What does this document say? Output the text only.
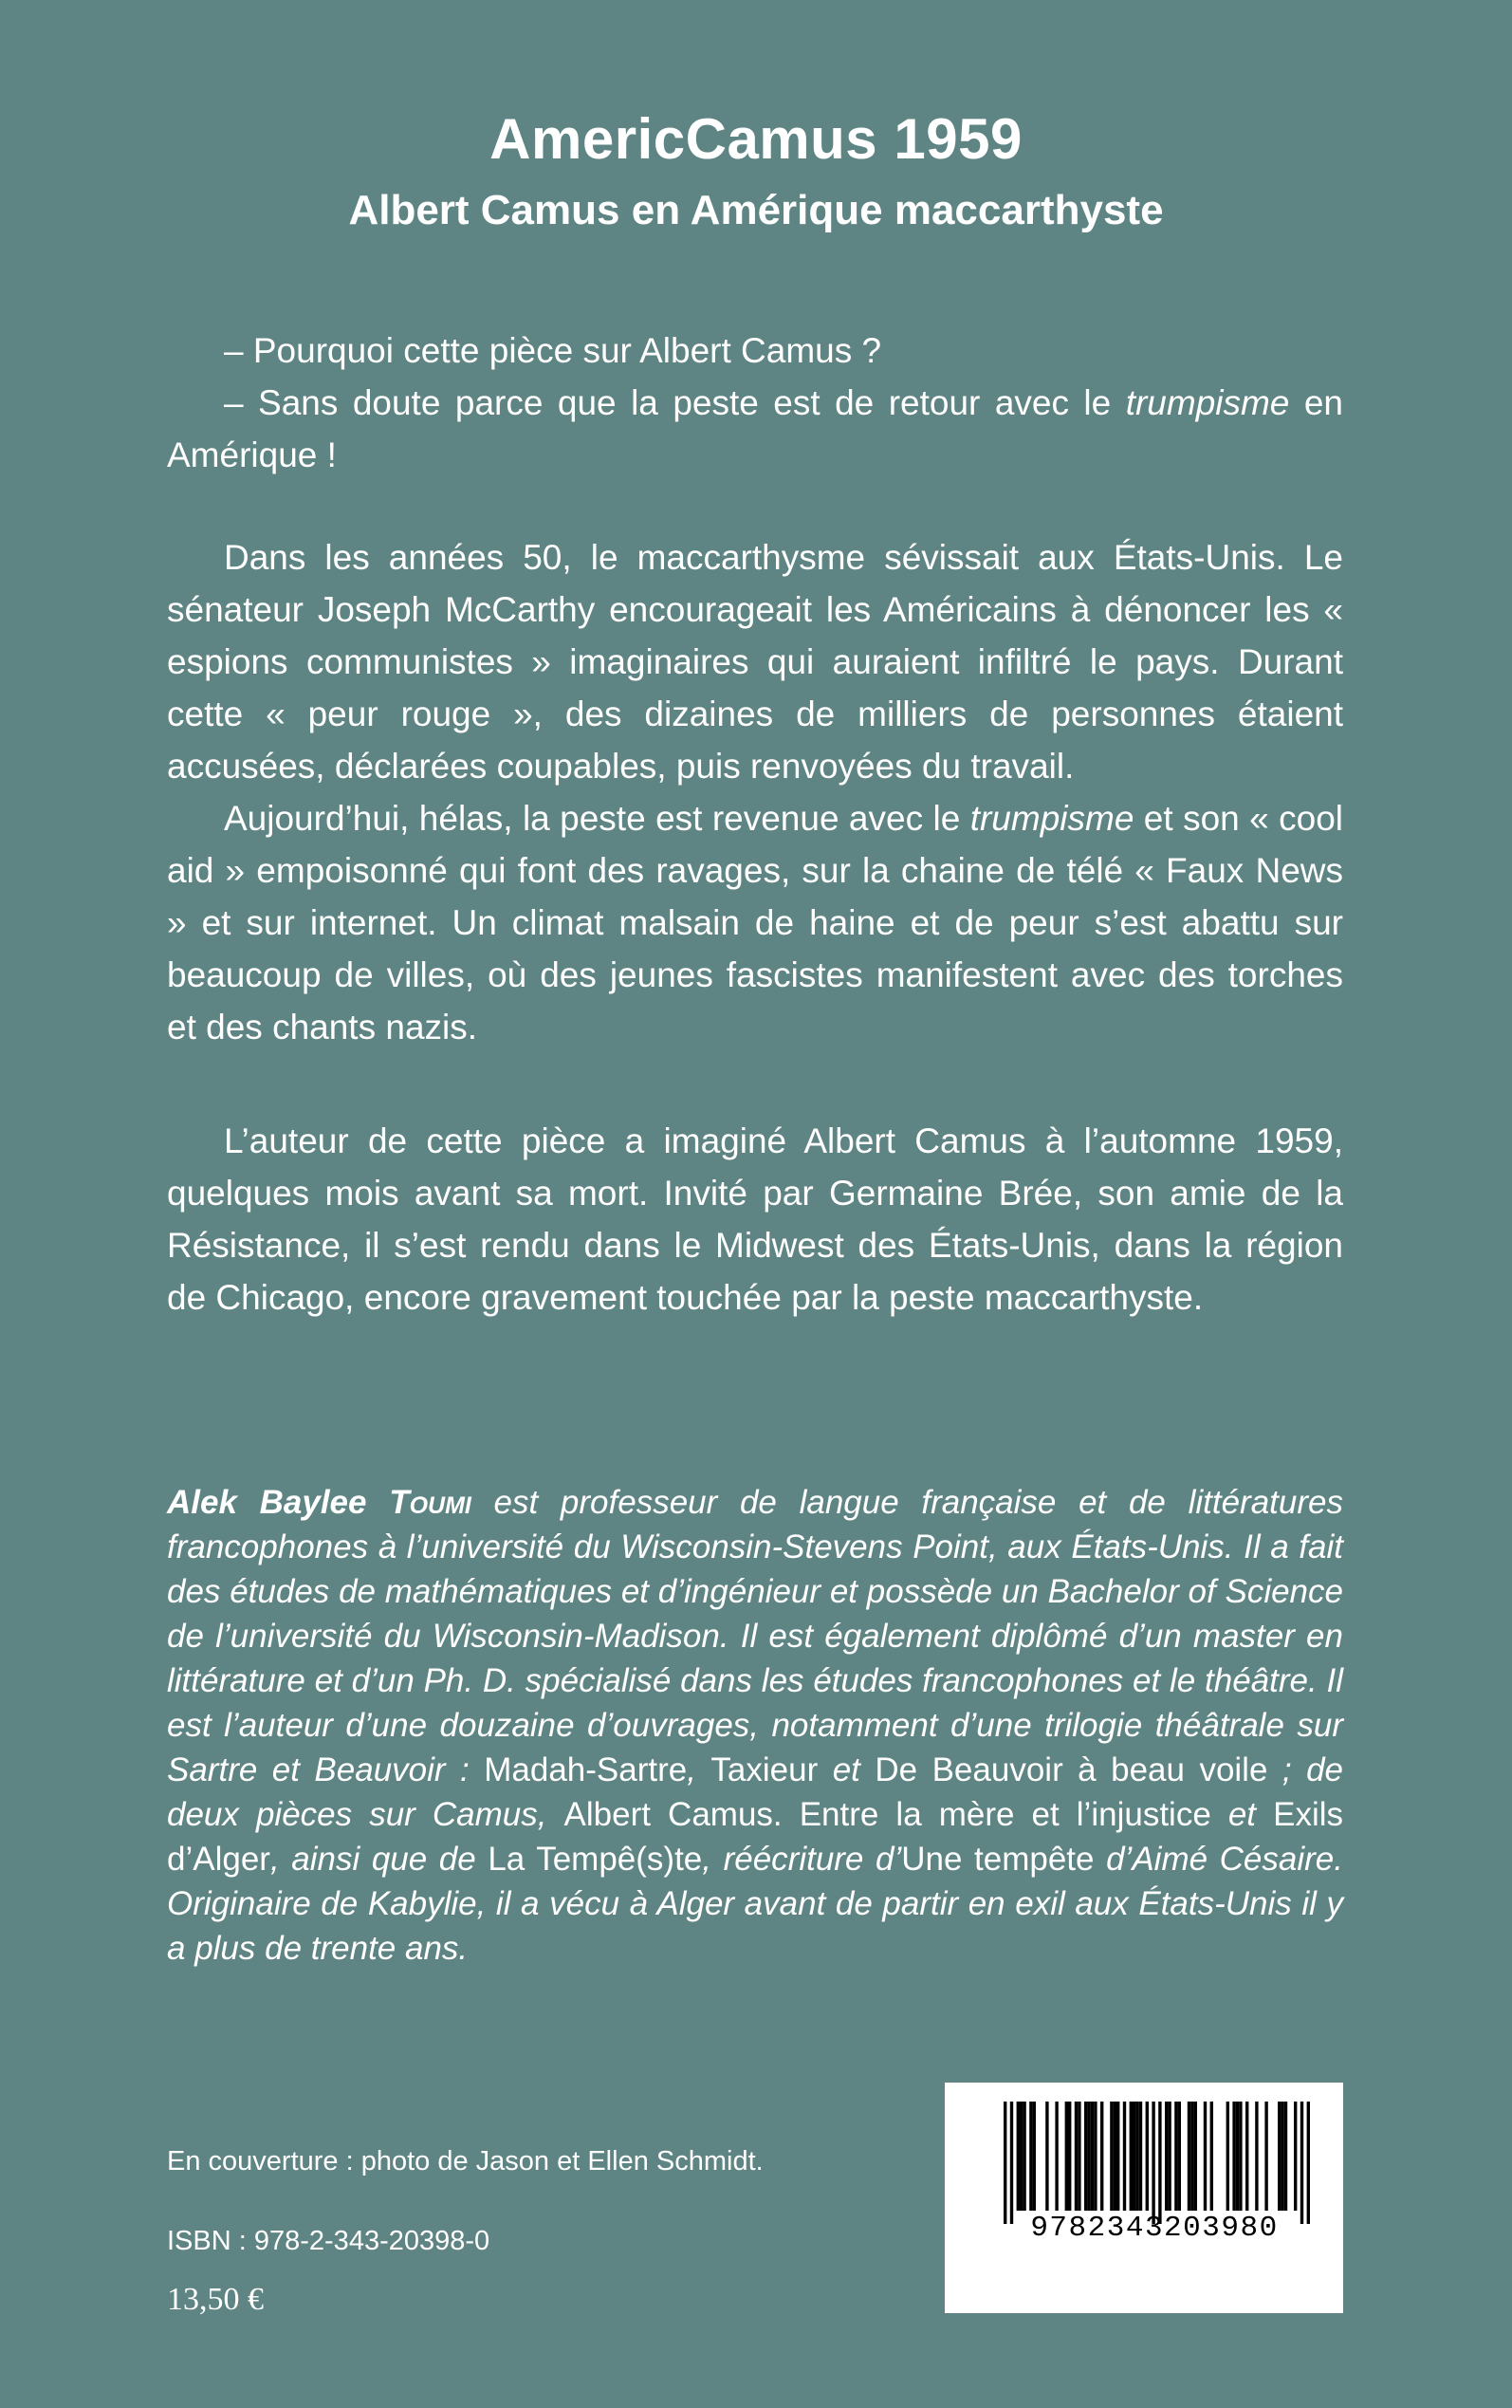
AmericCamus 1959
Albert Camus en Amérique maccarthyste

– Pourquoi cette pièce sur Albert Camus ?

– Sans doute parce que la peste est de retour avec le trumpisme en Amérique !

Dans les années 50, le maccarthysme sévissait aux États-Unis. Le sénateur Joseph McCarthy encourageait les Américains à dénoncer les « espions communistes » imaginaires qui auraient infiltré le pays. Durant cette « peur rouge », des dizaines de milliers de personnes étaient accusées, déclarées coupables, puis renvoyées du travail.

Aujourd’hui, hélas, la peste est revenue avec le trumpisme et son « cool aid » empoisonné qui font des ravages, sur la chaine de télé « Faux News » et sur internet. Un climat malsain de haine et de peur s’est abattu sur beaucoup de villes, où des jeunes fascistes manifestent avec des torches et des chants nazis.

L’auteur de cette pièce a imaginé Albert Camus à l’automne 1959, quelques mois avant sa mort. Invité par Germaine Brée, son amie de la Résistance, il s’est rendu dans le Midwest des États-Unis, dans la région de Chicago, encore gravement touchée par la peste maccarthyste.

Alek Baylee Toumi est professeur de langue française et de littératures francophones à l’université du Wisconsin-Stevens Point, aux États-Unis. Il a fait des études de mathématiques et d’ingénieur et possède un Bachelor of Science de l’université du Wisconsin-Madison. Il est également diplômé d’un master en littérature et d’un Ph. D. spécialisé dans les études francophones et le théâtre. Il est l’auteur d’une douzaine d’ouvrages, notamment d’une trilogie théâtrale sur Sartre et Beauvoir : Madah-Sartre, Taxieur et De Beauvoir à beau voile ; de deux pièces sur Camus, Albert Camus. Entre la mère et l’injustice et Exils d’Alger, ainsi que de La Tempê(s)te, réécriture d’Une tempête d’Aimé Césaire. Originaire de Kabylie, il a vécu à Alger avant de partir en exil aux États-Unis il y a plus de trente ans.
En couverture : photo de Jason et Ellen Schmidt.
ISBN : 978-2-343-20398-0
13,50 €
9782343203980
